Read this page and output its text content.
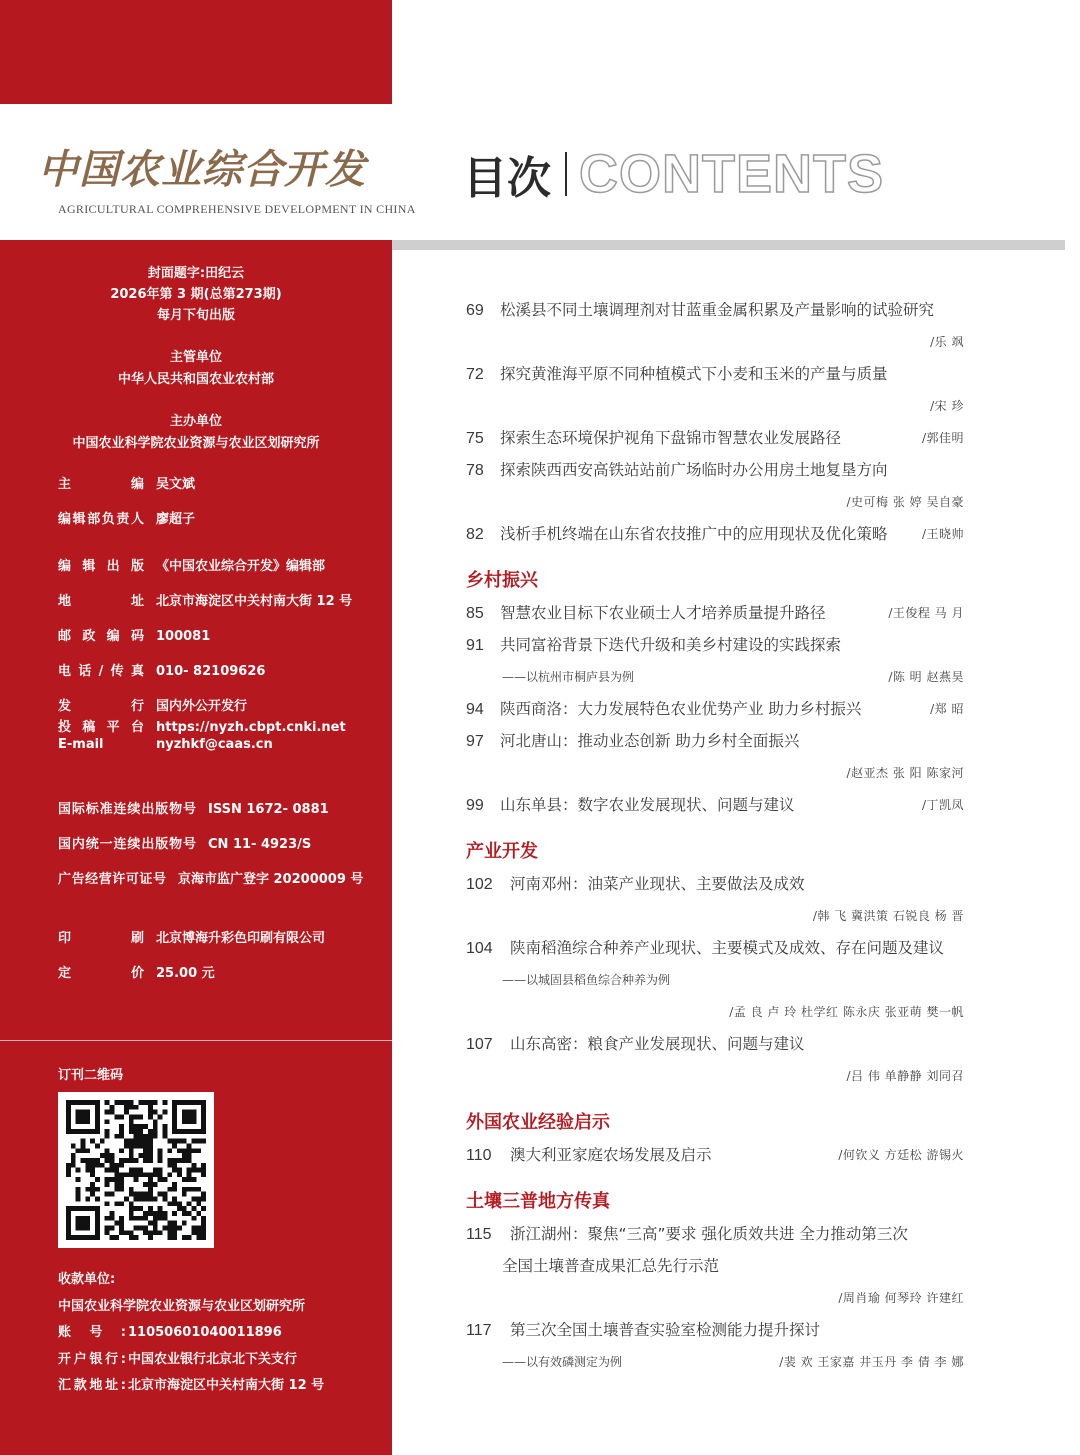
中国农业综合开发
AGRICULTURAL COMPREHENSIVE DEVELOPMENT IN CHINA
封面题字:田纪云
2026年第 3 期(总第273期)
每月下旬出版
主管单位
中华人民共和国农业农村部
主办单位
中国农业科学院农业资源与农业区划研究所
主编 吴文斌
编辑部负责人 廖超子
编辑出版 《中国农业综合开发》编辑部
地址 北京市海淀区中关村南大街 12 号
邮政编码 100081
电话/传真 010- 82109626
发行 国内外公开发行
投稿平台 https://nyzh.cbpt.cnki.net
E-mail	nyzhkf@caas.cn
国际标准连续出版物号 ISSN 1672- 0881
国内统一连续出版物号 CN 11- 4923/S
广告经营许可证号 京海市监广登字 20200009 号
印刷 北京博海升彩色印刷有限公司
定价 25.00 元
订刊二维码
收款单位:
中国农业科学院农业资源与农业区划研究所
账号: 11050601040011896
开户银行: 中国农业银行北京北下关支行
汇款地址: 北京市海淀区中关村南大街 12 号
目次 CONTENTS
69 松溪县不同土壤调理剂对甘蓝重金属积累及产量影响的试验研究
/乐 飒
72 探究黄淮海平原不同种植模式下小麦和玉米的产量与质量
/宋 珍
75 探索生态环境保护视角下盘锦市智慧农业发展路径	/郭佳明
78 探索陕西西安高铁站站前广场临时办公用房土地复垦方向
/史可梅 张 婷 吴自豪
82 浅析手机终端在山东省农技推广中的应用现状及优化策略	/王晓帅
乡村振兴
85 智慧农业目标下农业硕士人才培养质量提升路径	/王俊程 马 月
91 共同富裕背景下迭代升级和美乡村建设的实践探索
——以杭州市桐庐县为例	/陈 明 赵燕昊
94 陕西商洛：大力发展特色农业优势产业 助力乡村振兴	/郑 昭
97 河北唐山：推动业态创新 助力乡村全面振兴
/赵亚杰 张 阳 陈家河
99 山东单县：数字农业发展现状、问题与建议	/丁凯凤
产业开发
102 河南邓州：油菜产业现状、主要做法及成效
/韩 飞 冀洪策 石锐良 杨 晋
104 陕南稻渔综合种养产业现状、主要模式及成效、存在问题及建议
——以城固县稻鱼综合种养为例
/孟 良 卢 玲 杜学红 陈永庆 张亚萌 樊一帆
107 山东高密：粮食产业发展现状、问题与建议
/吕 伟 单静静 刘同召
外国农业经验启示
110 澳大利亚家庭农场发展及启示	/何钦义 方廷松 游锡火
土壤三普地方传真
115 浙江湖州：聚焦“三高”要求 强化质效共进 全力推动第三次
全国土壤普查成果汇总先行示范
/周肖瑜 何琴玲 许建红
117 第三次全国土壤普查实验室检测能力提升探讨
——以有效磷测定为例	/裴 欢 王家嘉 井玉丹 李 倩 李 娜
